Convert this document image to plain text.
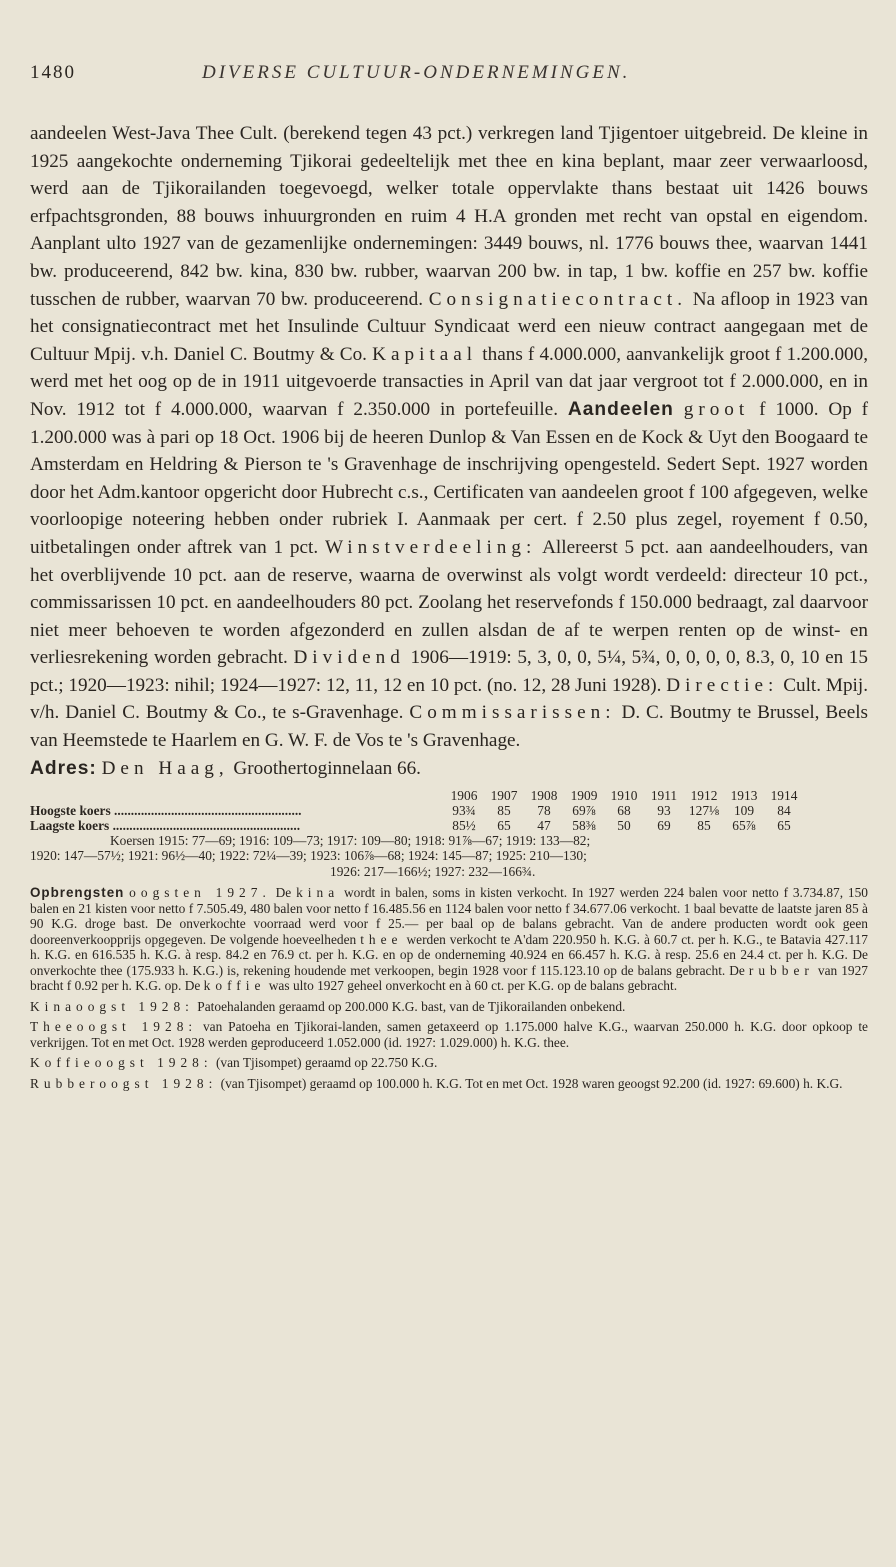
1480	DIVERSE CULTUUR-ONDERNEMINGEN.
aandeelen West-Java Thee Cult. (berekend tegen 43 pct.) verkregen land Tjigentoer uitgebreid. De kleine in 1925 aangekochte onderneming Tjikorai gedeeltelijk met thee en kina beplant, maar zeer verwaarloosd, werd aan de Tjikorailanden toegevoegd, welker totale oppervlakte thans bestaat uit 1426 bouws erfpachtsgronden, 88 bouws inhuurgronden en ruim 4 H.A gronden met recht van opstal en eigendom. Aanplant ulto 1927 van de gezamenlijke ondernemingen: 3449 bouws, nl. 1776 bouws thee, waarvan 1441 bw. produceerend, 842 bw. kina, 830 bw. rubber, waarvan 200 bw. in tap, 1 bw. koffie en 257 bw. koffie tusschen de rubber, waarvan 70 bw. produceerend. Consignatiecontract. Na afloop in 1923 van het consignatiecontract met het Insulinde Cultuur Syndicaat werd een nieuw contract aangegaan met de Cultuur Mpij. v.h. Daniel C. Boutmy & Co. Kapitaal thans f 4.000.000, aanvankelijk groot f 1.200.000, werd met het oog op de in 1911 uitgevoerde transacties in April van dat jaar vergroot tot f 2.000.000, en in Nov. 1912 tot f 4.000.000, waarvan f 2.350.000 in portefeuille. Aandeelen groot f 1000. Op f 1.200.000 was à pari op 18 Oct. 1906 bij de heeren Dunlop & Van Essen en de Kock & Uyt den Boogaard te Amsterdam en Heldring & Pierson te 's Gravenhage de inschrijving opengesteld. Sedert Sept. 1927 worden door het Adm.kantoor opgericht door Hubrecht c.s., Certificaten van aandeelen groot f 100 afgegeven, welke voorloopige noteering hebben onder rubriek I. Aanmaak per cert. f 2.50 plus zegel, royement f 0.50, uitbetalingen onder aftrek van 1 pct. Winstverdeeling: Allereerst 5 pct. aan aandeelhouders, van het overblijvende 10 pct. aan de reserve, waarna de overwinst als volgt wordt verdeeld: directeur 10 pct., commissarissen 10 pct. en aandeelhouders 80 pct. Zoolang het reservefonds f 150.000 bedraagt, zal daarvoor niet meer behoeven te worden afgezonderd en zullen alsdan de af te werpen renten op de winst- en verliesrekening worden gebracht. Dividend 1906—1919: 5, 3, 0, 0, 5¼, 5¾, 0, 0, 0, 0, 8.3, 0, 10 en 15 pct.; 1920—1923: nihil; 1924—1927: 12, 11, 12 en 10 pct. (no. 12, 28 Juni 1928). Directie: Cult. Mpij. v/h. Daniel C. Boutmy & Co., te s-Gravenhage. Commissarissen: D. C. Boutmy te Brussel, Beels van Heemstede te Haarlem en G. W. F. de Vos te 's Gravenhage.
Adres: Den Haag, Groothertoginnelaan 66.
	1906	1907	1908	1909	1910	1911	1912	1913	1914
Hoogste koers ........................................................	93¾	85	78	69⅞	68	93	127⅛	109	84
Laagste koers ........................................................	85½	65	47	58⅜	50	69	85	65⅞	65
Koersen 1915: 77—69; 1916: 109—73; 1917: 109—80; 1918: 91⅞—67; 1919: 133—82;
1920: 147—57½; 1921: 96½—40; 1922: 72¼—39; 1923: 106⅞—68; 1924: 145—87; 1925: 210—130;
1926: 217—166½; 1927: 232—166¾.

Opbrengsten oogsten 1927. De kina wordt in balen, soms in kisten verkocht. In 1927 werden 224 balen voor netto f 3.734.87, 150 balen en 21 kisten voor netto f 7.505.49, 480 balen voor netto f 16.485.56 en 1124 balen voor netto f 34.677.06 verkocht. 1 baal bevatte de laatste jaren 85 à 90 K.G. droge bast. De onverkochte voorraad werd voor f 25.— per baal op de balans gebracht. Van de andere producten wordt ook geen dooreenverkoopprijs opgegeven. De volgende hoeveelheden thee werden verkocht te A'dam 220.950 h. K.G. à 60.7 ct. per h. K.G., te Batavia 427.117 h. K.G. en 616.535 h. K.G. à resp. 84.2 en 76.9 ct. per h. K.G. en op de onderneming 40.924 en 66.457 h. K.G. à resp. 25.6 en 24.4 ct. per h. K.G. De onverkochte thee (175.933 h. K.G.) is, rekening houdende met verkoopen, begin 1928 voor f 115.123.10 op de balans gebracht. De rubber van 1927 bracht f 0.92 per h. K.G. op. De koffie was ulto 1927 geheel onverkocht en à 60 ct. per K.G. op de balans gebracht.

Kinaoogst 1928: Patoehalanden geraamd op 200.000 K.G. bast, van de Tjikorailanden onbekend.

Theeoogst 1928: van Patoeha en Tjikorai-landen, samen getaxeerd op 1.175.000 halve K.G., waarvan 250.000 h. K.G. door opkoop te verkrijgen. Tot en met Oct. 1928 werden geproduceerd 1.052.000 (id. 1927: 1.029.000) h. K.G. thee.

Koffieoogst 1928: (van Tjisompet) geraamd op 22.750 K.G.

Rubberoogst 1928: (van Tjisompet) geraamd op 100.000 h. K.G. Tot en met Oct. 1928 waren geoogst 92.200 (id. 1927: 69.600) h. K.G.
